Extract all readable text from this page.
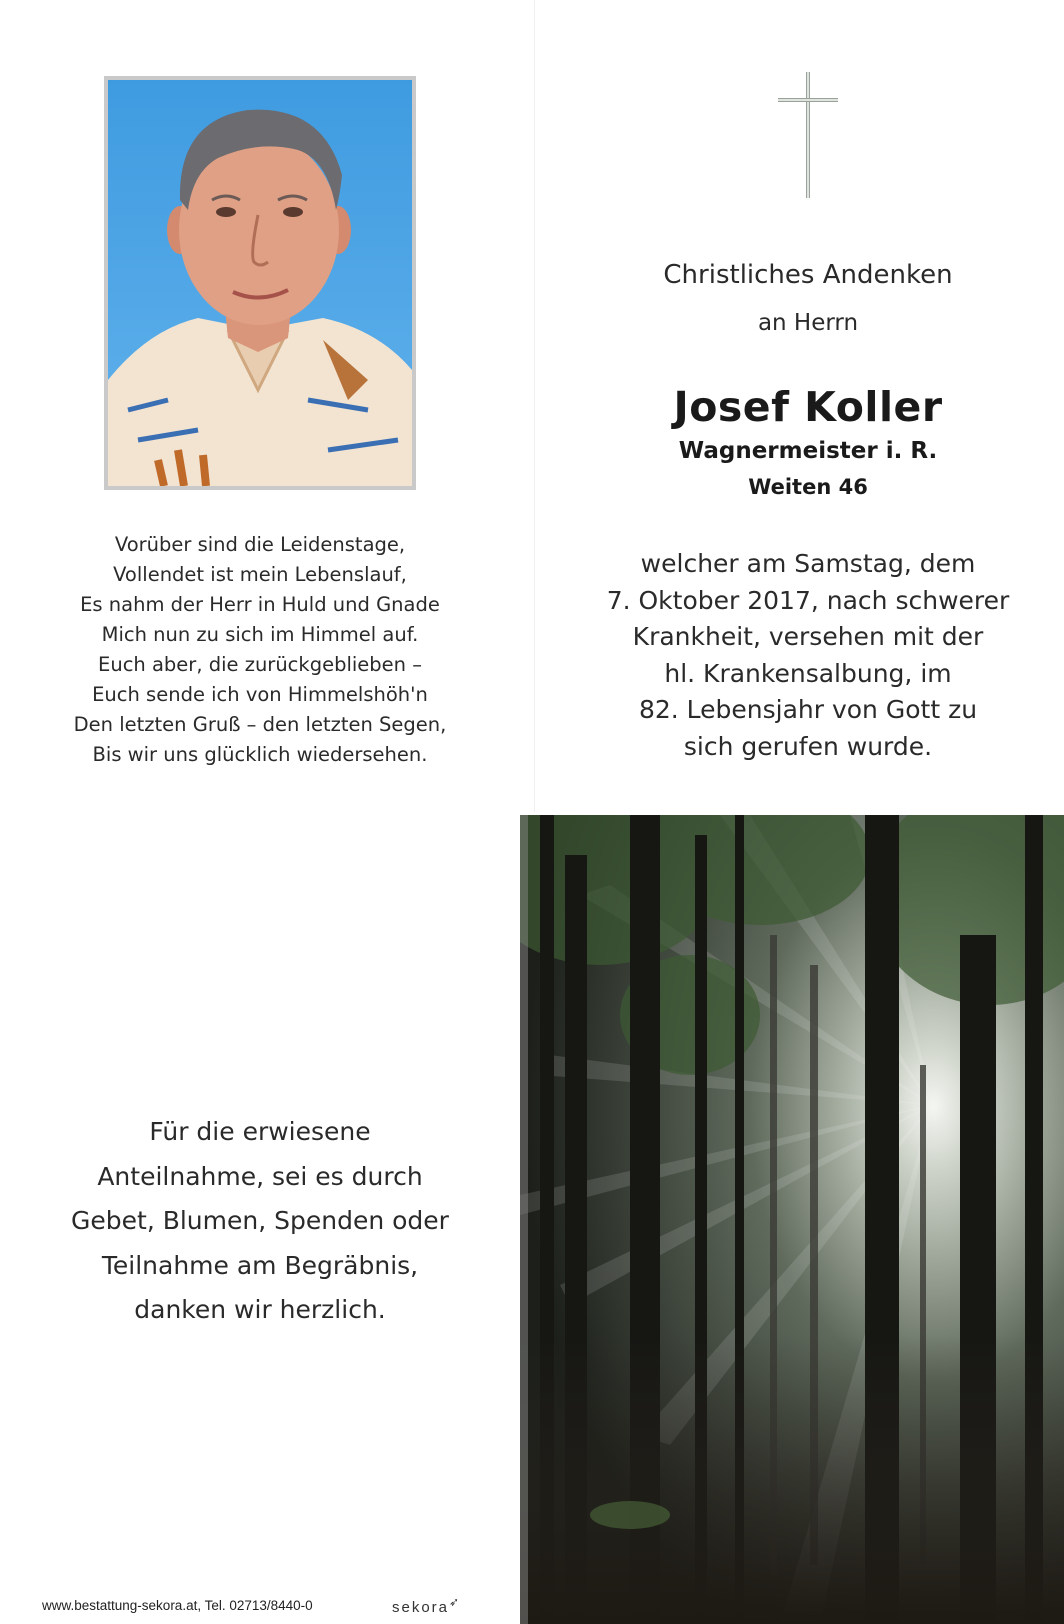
Vorüber sind die Leidenstage,
Vollendet ist mein Lebenslauf,
Es nahm der Herr in Huld und Gnade
Mich nun zu sich im Himmel auf.
Euch aber, die zurückgeblieben –
Euch sende ich von Himmelshöh'n
Den letzten Gruß – den letzten Segen,
Bis wir uns glücklich wiedersehen.
Christliches Andenken
an Herrn
Josef Koller
Wagnermeister i. R.
Weiten 46
welcher am Samstag, dem
7. Oktober 2017, nach schwerer
Krankheit, versehen mit der
hl. Krankensalbung, im
82. Lebensjahr von Gott zu
sich gerufen wurde.
Für die erwiesene
Anteilnahme, sei es durch
Gebet, Blumen, Spenden oder
Teilnahme am Begräbnis,
danken wir herzlich.
www.bestattung-sekora.at, Tel. 02713/8440-0	sekora➶
